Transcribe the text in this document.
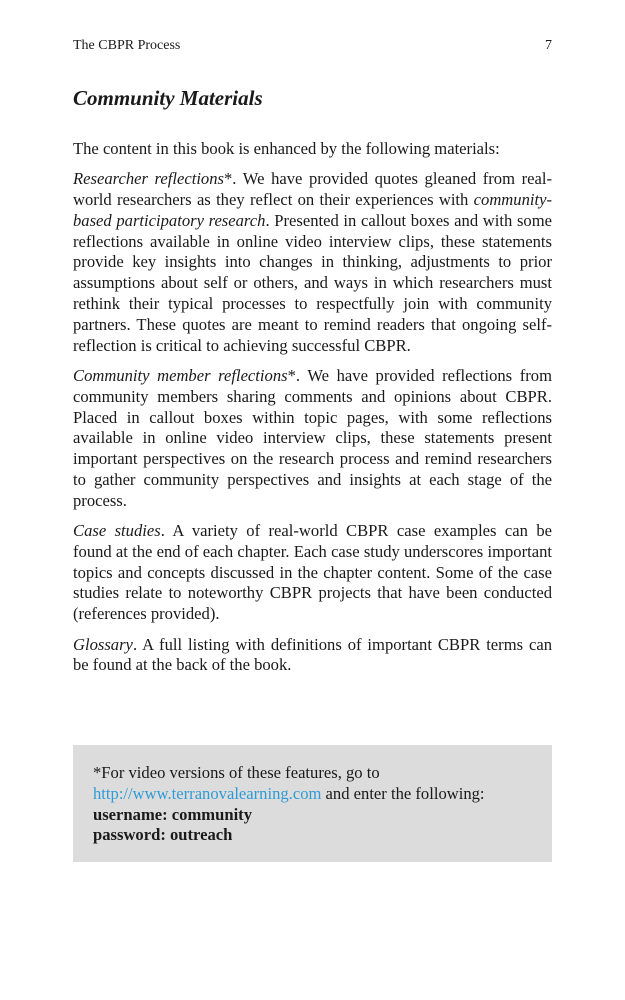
The CBPR Process	7
Community Materials

The content in this book is enhanced by the following materials:

Researcher reflections*. We have provided quotes gleaned from real-world researchers as they reflect on their experiences with community-based participatory research. Presented in callout boxes and with some reflections available in online video interview clips, these statements provide key insights into changes in thinking, adjustments to prior assumptions about self or others, and ways in which researchers must rethink their typical processes to respectfully join with community partners. These quotes are meant to remind readers that ongoing self-reflection is critical to achieving successful CBPR.

Community member reflections*. We have provided reflections from community members sharing comments and opinions about CBPR. Placed in callout boxes within topic pages, with some reflections available in online video interview clips, these statements present important perspectives on the research process and remind researchers to gather community perspectives and insights at each stage of the process.

Case studies. A variety of real-world CBPR case examples can be found at the end of each chapter. Each case study underscores important topics and concepts discussed in the chapter content. Some of the case studies relate to noteworthy CBPR projects that have been conducted (references provided).

Glossary. A full listing with definitions of important CBPR terms can be found at the back of the book.

*For video versions of these features, go to http://www.terranovalearning.com and enter the following:
username: community
password: outreach
